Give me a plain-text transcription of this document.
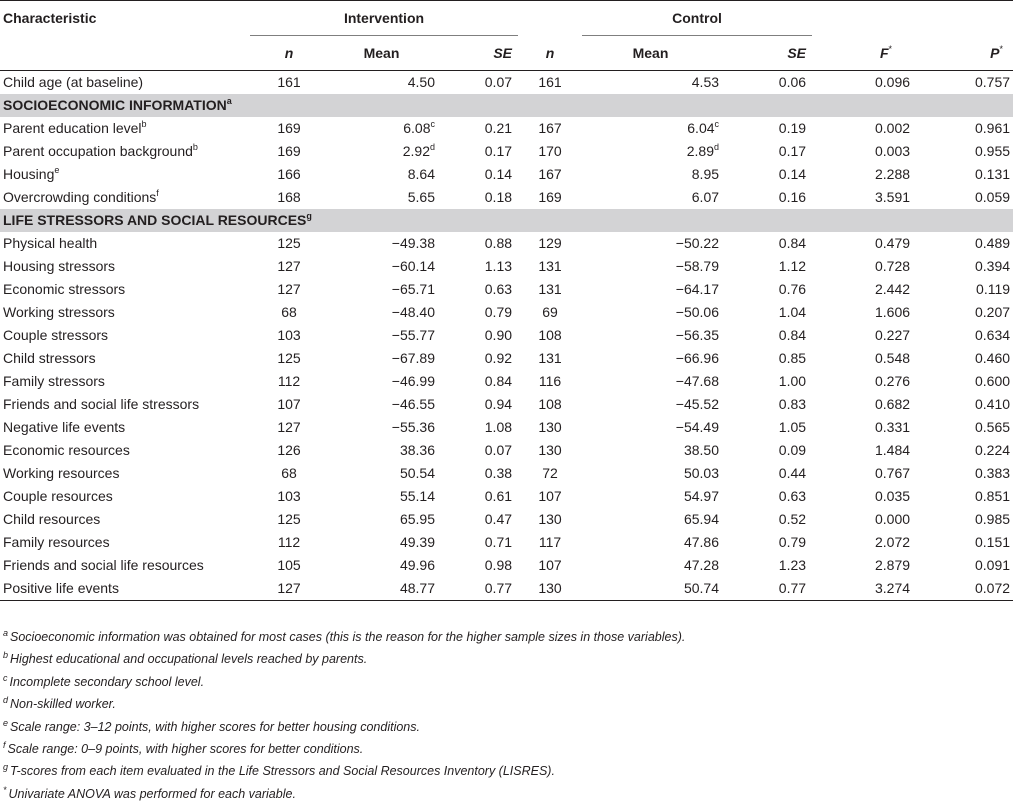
Characteristic	Intervention				Control			
	n	Mean	SE	n	Mean	SE	F*	P*
Child age (at baseline)	161	4.50	0.07	161	4.53	0.06	0.096	0.757
SOCIOECONOMIC INFORMATION$^a$
Parent education level$^b$	169	6.08$^c$	0.21	167	6.04$^c$	0.19	0.002	0.961
Parent occupation background$^b$	169	2.92$^d$	0.17	170	2.89$^d$	0.17	0.003	0.955
Housing$^e$	166	8.64	0.14	167	8.95	0.14	2.288	0.131
Overcrowding conditions$^f$	168	5.65	0.18	169	6.07	0.16	3.591	0.059
LIFE STRESSORS AND SOCIAL RESOURCES$^g$
Physical health	125	−49.38	0.88	129	−50.22	0.84	0.479	0.489
Housing stressors	127	−60.14	1.13	131	−58.79	1.12	0.728	0.394
Economic stressors	127	−65.71	0.63	131	−64.17	0.76	2.442	0.119
Working stressors	68	−48.40	0.79	69	−50.06	1.04	1.606	0.207
Couple stressors	103	−55.77	0.90	108	−56.35	0.84	0.227	0.634
Child stressors	125	−67.89	0.92	131	−66.96	0.85	0.548	0.460
Family stressors	112	−46.99	0.84	116	−47.68	1.00	0.276	0.600
Friends and social life stressors	107	−46.55	0.94	108	−45.52	0.83	0.682	0.410
Negative life events	127	−55.36	1.08	130	−54.49	1.05	0.331	0.565
Economic resources	126	38.36	0.07	130	38.50	0.09	1.484	0.224
Working resources	68	50.54	0.38	72	50.03	0.44	0.767	0.383
Couple resources	103	55.14	0.61	107	54.97	0.63	0.035	0.851
Child resources	125	65.95	0.47	130	65.94	0.52	0.000	0.985
Family resources	112	49.39	0.71	117	47.86	0.79	2.072	0.151
Friends and social life resources	105	49.96	0.98	107	47.28	1.23	2.879	0.091
Positive life events	127	48.77	0.77	130	50.74	0.77	3.274	0.072
$^a$ Socioeconomic information was obtained for most cases (this is the reason for the higher sample sizes in those variables).
$^b$ Highest educational and occupational levels reached by parents.
$^c$ Incomplete secondary school level.
$^d$ Non-skilled worker.
$^e$ Scale range: 3–12 points, with higher scores for better housing conditions.
$^f$ Scale range: 0–9 points, with higher scores for better conditions.
$^g$ T-scores from each item evaluated in the Life Stressors and Social Resources Inventory (LISRES).
* Univariate ANOVA was performed for each variable.
